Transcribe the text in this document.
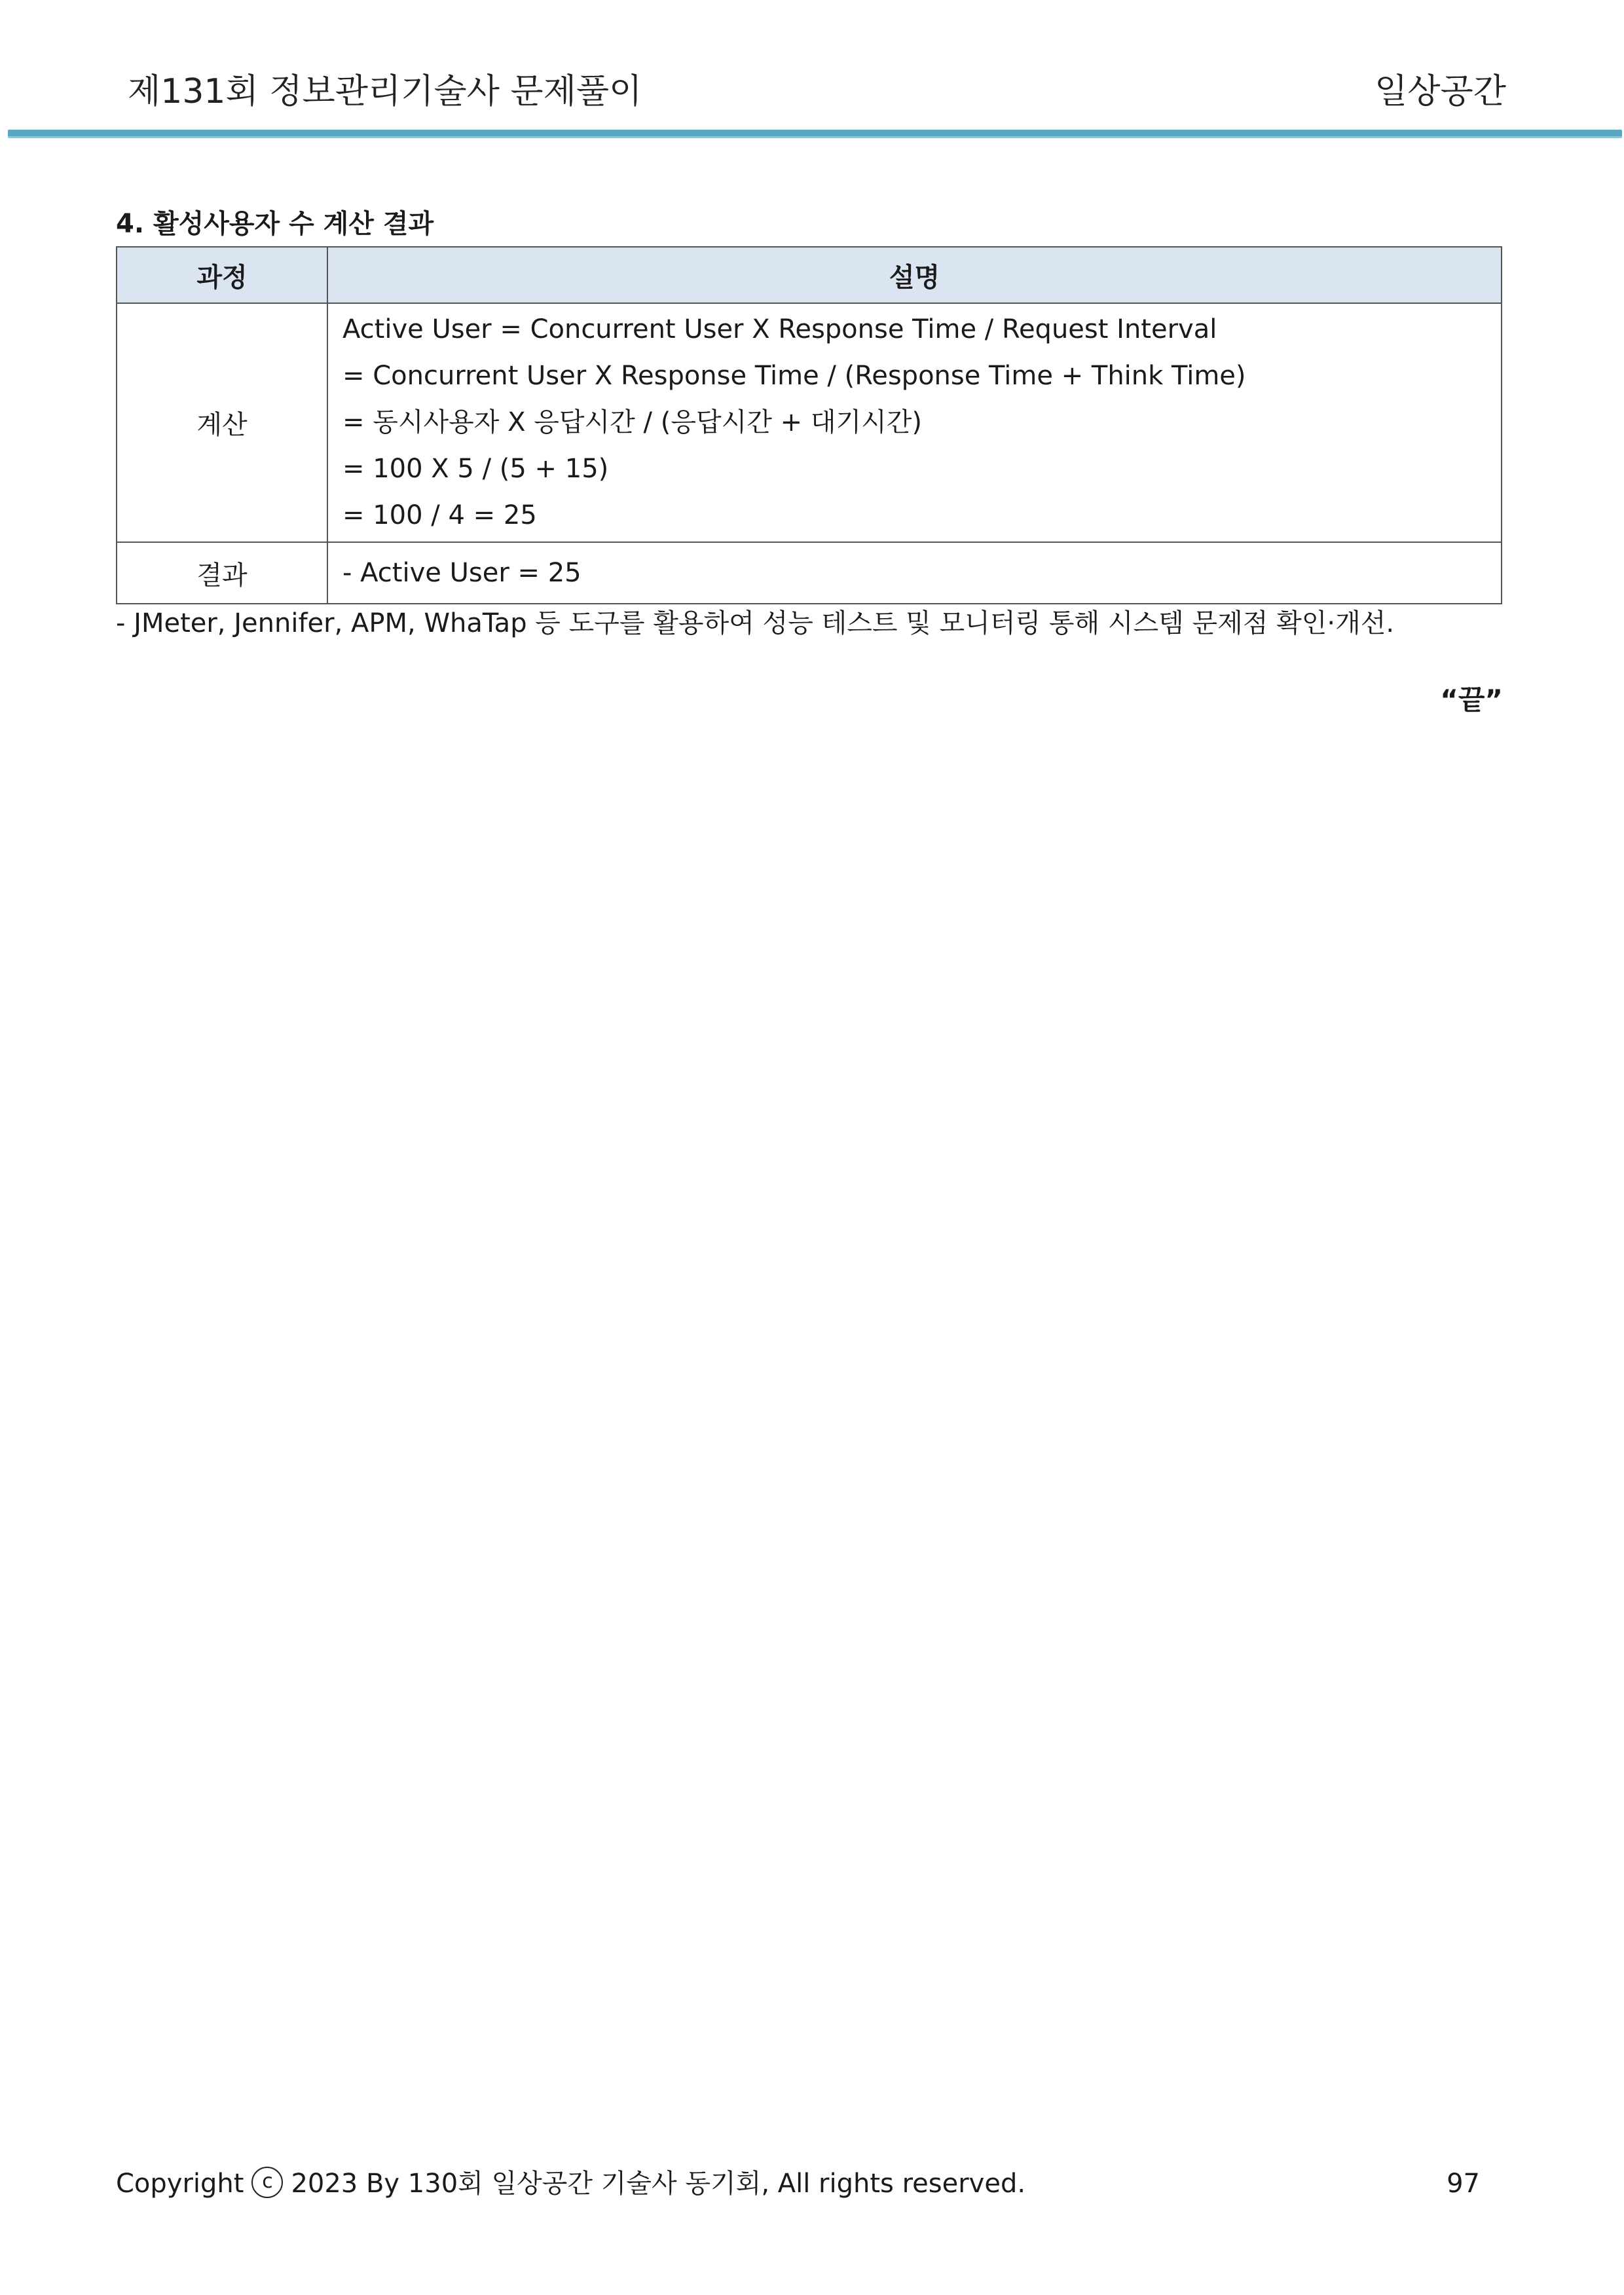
제131회 정보관리기술사 문제풀이	일상공간
4. 활성사용자 수 계산 결과
과정	설명
계산	Active User = Concurrent User X Response Time / Request Interval
= Concurrent User X Response Time / (Response Time + Think Time)
= 동시사용자 X 응답시간 / (응답시간 + 대기시간)
= 100 X 5 / (5 + 15)
= 100 / 4 = 25

결과	- Active User = 25
- JMeter, Jennifer, APM, WhaTap 등 도구를 활용하여 성능 테스트 및 모니터링 통해 시스템 문제점 확인·개선.
“끝”
Copyright c 2023 By 130회 일상공간 기술사 동기회, All rights reserved.	97
